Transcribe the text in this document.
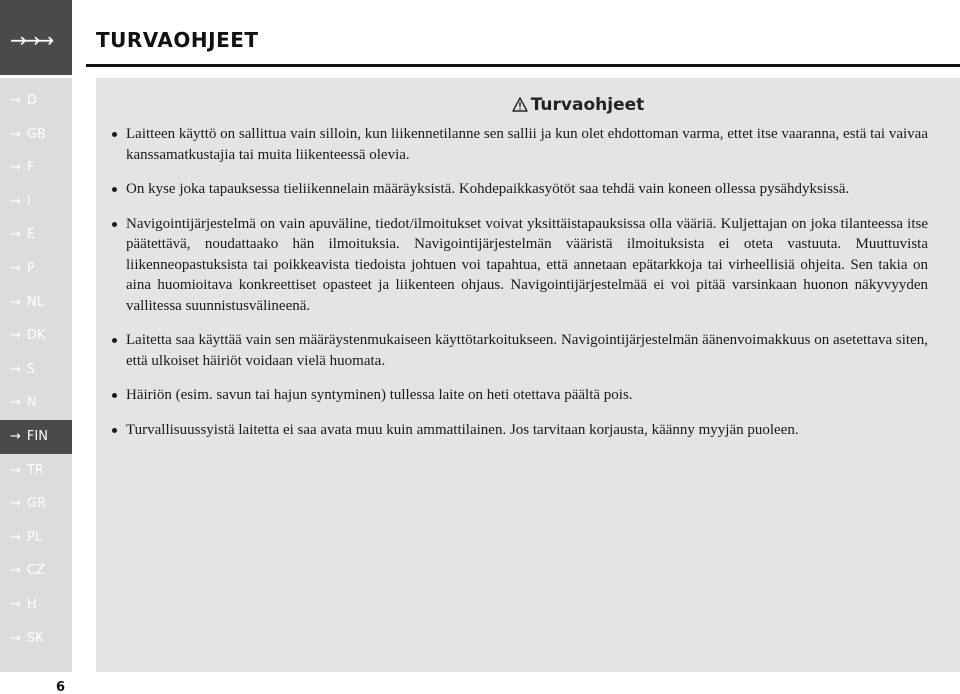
→→→ TURVAOHJEET
→ D
→ GB
→ F
→ I
→ E
→ P
→ NL
→ DK
→ S
→ N
→ FIN
→ TR
→ GR
→ PL
→ CZ
→ H
→ SK
Turvaohjeet
Laitteen käyttö on sallittua vain silloin, kun liikennetilanne sen sallii ja kun olet ehdottoman varma, ettet itse vaaranna, estä tai vaivaa kanssamatkustajia tai muita liikenteessä olevia.
On kyse joka tapauksessa tieliikennelain määräyksistä. Kohdepaikkasyötöt saa tehdä vain koneen ollessa pysähdyksissä.
Navigointijärjestelmä on vain apuväline, tiedot/ilmoitukset voivat yksittäistapauksissa olla vääriä. Kuljettajan on joka tilanteessa itse päätettävä, noudattaako hän ilmoituksia. Navigointijärjestelmän vääristä ilmoituksista ei oteta vastuuta. Muuttuvista liikenneopastuksista tai poikkeavista tiedoista johtuen voi tapahtua, että annetaan epätarkkoja tai virheellisiä ohjeita. Sen takia on aina huomioitava konkreettiset opasteet ja liikenteen ohjaus. Navigointijärjestelmää ei voi pitää varsinkaan huonon näkyvyyden vallitessa suunnistusvälineenä.
Laitetta saa käyttää vain sen määräystenmukaiseen käyttötarkoitukseen. Navigointijärjestelmän äänenvoimakkuus on asetettava siten, että ulkoiset häiriöt voidaan vielä huomata.
Häiriön (esim. savun tai hajun syntyminen) tullessa laite on heti otettava päältä pois.
Turvallisuussyistä laitetta ei saa avata muu kuin ammattilainen. Jos tarvitaan korjausta, käänny myyjän puoleen.
6
